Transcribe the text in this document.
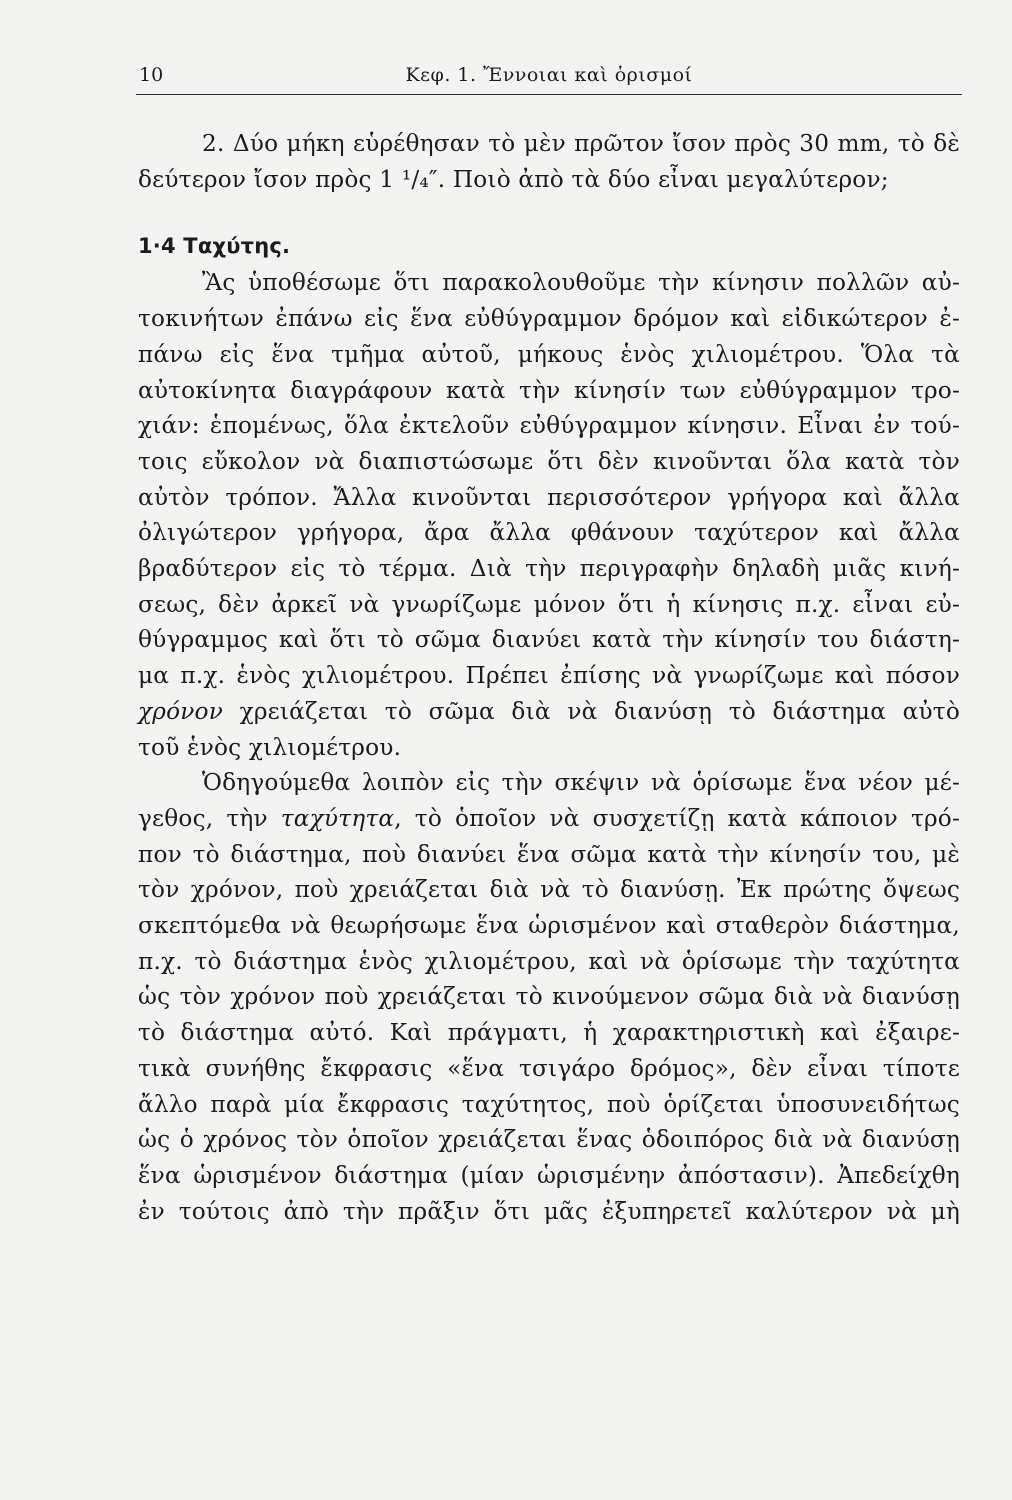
10	Κεφ. 1. Ἔννοιαι καὶ ὁρισμοί
2. Δύο μήκη εὑρέθησαν τὸ μὲν πρῶτον ἴσον πρὸς 30 mm, τὸ δὲ
δεύτερον ἴσον πρὸς 1 ¹/₄″. Ποιὸ ἀπὸ τὰ δύο εἶναι μεγαλύτερον;
1·4 Ταχύτης.
Ἂς ὑποθέσωμε ὅτι παρακολουθοῦμε τὴν κίνησιν πολλῶν αὐ-
τοκινήτων ἐπάνω εἰς ἕνα εὐθύγραμμον δρόμον καὶ εἰδικώτερον ἐ-
πάνω εἰς ἕνα τμῆμα αὐτοῦ, μήκους ἑνὸς χιλιομέτρου. Ὅλα τὰ
αὐτοκίνητα διαγράφουν κατὰ τὴν κίνησίν των εὐθύγραμμον τρο-
χιάν: ἑπομένως, ὅλα ἐκτελοῦν εὐθύγραμμον κίνησιν. Εἶναι ἐν τού-
τοις εὔκολον νὰ διαπιστώσωμε ὅτι δὲν κινοῦνται ὅλα κατὰ τὸν
αὐτὸν τρόπον. Ἄλλα κινοῦνται περισσότερον γρήγορα καὶ ἄλλα
ὀλιγώτερον γρήγορα, ἄρα ἄλλα φθάνουν ταχύτερον καὶ ἄλλα
βραδύτερον εἰς τὸ τέρμα. Διὰ τὴν περιγραφὴν δηλαδὴ μιᾶς κινή-
σεως, δὲν ἀρκεῖ νὰ γνωρίζωμε μόνον ὅτι ἡ κίνησις π.χ. εἶναι εὐ-
θύγραμμος καὶ ὅτι τὸ σῶμα διανύει κατὰ τὴν κίνησίν του διάστη-
μα π.χ. ἑνὸς χιλιομέτρου. Πρέπει ἐπίσης νὰ γνωρίζωμε καὶ πόσον
χρόνον χρειάζεται τὸ σῶμα διὰ νὰ διανύσῃ τὸ διάστημα αὐτὸ
τοῦ ἑνὸς χιλιομέτρου.
Ὁδηγούμεθα λοιπὸν εἰς τὴν σκέψιν νὰ ὁρίσωμε ἕνα νέον μέ-
γεθος, τὴν ταχύτητα, τὸ ὁποῖον νὰ συσχετίζῃ κατὰ κάποιον τρό-
πον τὸ διάστημα, ποὺ διανύει ἕνα σῶμα κατὰ τὴν κίνησίν του, μὲ
τὸν χρόνον, ποὺ χρειάζεται διὰ νὰ τὸ διανύσῃ. Ἐκ πρώτης ὄψεως
σκεπτόμεθα νὰ θεωρήσωμε ἕνα ὡρισμένον καὶ σταθερὸν διάστημα,
π.χ. τὸ διάστημα ἑνὸς χιλιομέτρου, καὶ νὰ ὁρίσωμε τὴν ταχύτητα
ὡς τὸν χρόνον ποὺ χρειάζεται τὸ κινούμενον σῶμα διὰ νὰ διανύσῃ
τὸ διάστημα αὐτό. Καὶ πράγματι, ἡ χαρακτηριστικὴ καὶ ἐξαιρε-
τικὰ συνήθης ἔκφρασις «ἕνα τσιγάρο δρόμος», δὲν εἶναι τίποτε
ἄλλο παρὰ μία ἔκφρασις ταχύτητος, ποὺ ὁρίζεται ὑποσυνειδήτως
ὡς ὁ χρόνος τὸν ὁποῖον χρειάζεται ἕνας ὁδοιπόρος διὰ νὰ διανύσῃ
ἕνα ὡρισμένον διάστημα (μίαν ὡρισμένην ἀπόστασιν). Ἀπεδείχθη
ἐν τούτοις ἀπὸ τὴν πρᾶξιν ὅτι μᾶς ἐξυπηρετεῖ καλύτερον νὰ μὴ
